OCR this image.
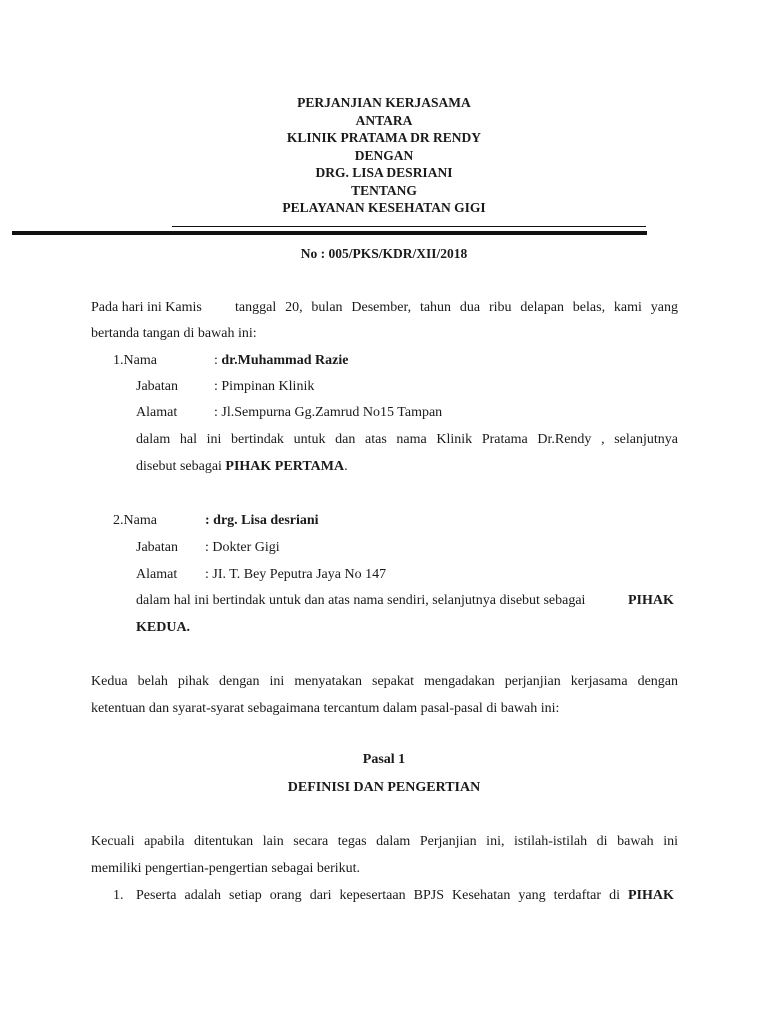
PERJANJIAN KERJASAMA
ANTARA
KLINIK PRATAMA DR RENDY
DENGAN
DRG. LISA DESRIANI
TENTANG
PELAYANAN KESEHATAN GIGI
No : 005/PKS/KDR/XII/2018
Pada hari ini Kamis tanggal 20, bulan Desember, tahun dua ribu delapan belas, kami yang
bertanda tangan di bawah ini:
1.Nama	: dr.Muhammad Razie
Jabatan	: Pimpinan Klinik
Alamat	: Jl.Sempurna Gg.Zamrud No15 Tampan
dalam hal ini bertindak untuk dan atas nama Klinik Pratama Dr.Rendy , selanjutnya
disebut sebagai PIHAK PERTAMA.
2.Nama	: drg. Lisa desriani
Jabatan : Dokter Gigi
Alamat : JI. T. Bey Peputra Jaya No 147
dalam hal ini bertindak untuk dan atas nama sendiri, selanjutnya disebut sebagai	PIHAK
KEDUA.
Kedua belah pihak dengan ini menyatakan sepakat mengadakan perjanjian kerjasama dengan
ketentuan dan syarat-syarat sebagaimana tercantum dalam pasal-pasal di bawah ini:
Pasal 1
DEFINISI DAN PENGERTIAN
Kecuali apabila ditentukan lain secara tegas dalam Perjanjian ini, istilah-istilah di bawah ini
memiliki pengertian-pengertian sebagai berikut.
1. Peserta adalah setiap orang dari kepesertaan BPJS Kesehatan yang terdaftar di PIHAK
